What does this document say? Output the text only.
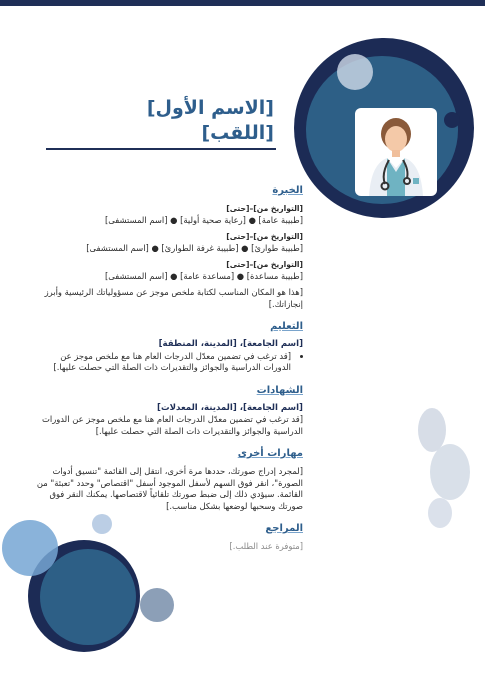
[الاسم الأول]
[اللقب]
الخبرة
[التواريخ من]–[حتى]
[طبيبة عامة] ● [رعاية صحية أولية] ● [اسم المستشفى]
[التواريخ من]–[حتى]
[طبيبة طوارئ] ● [طبيبة غرفة الطوارئ] ● [اسم المستشفى]
[التواريخ من]–[حتى]
[طبيبة مساعدة] ● [مساعدة عامة] ● [اسم المستشفى]
[هذا هو المكان المناسب لكتابة ملخص موجز عن مسؤولياتك الرئيسية وأبرز إنجازاتك.]
التعليم
[اسم الجامعة]، [المدينة، المنطقة]
• [قد ترغب في تضمين معدّل الدرجات العام هنا مع ملخص موجز عن الدورات الدراسية والجوائز والتقديرات ذات الصلة التي حصلت عليها.]
الشهادات
[اسم الجامعة]، [المدينة، المعدلات]
[قد ترغب في تضمين معدّل الدرجات العام هنا مع ملخص موجز عن الدورات الدراسية والجوائز والتقديرات ذات الصلة التي حصلت عليها.]
مهارات أخرى
[لمجرد إدراج صورتك، حددها مرة أخرى، انتقل إلى القائمة "تنسيق أدوات الصورة"، انقر فوق السهم لأسفل الموجود أسفل "اقتصاص" وحدد "تعبئة" من القائمة. سيؤدي ذلك إلى ضبط صورتك تلقائياً لاقتصاصها. يمكنك النقر فوق صورتك وسحبها لوضعها بشكل مناسب.]
المراجع
[متوفرة عند الطلب.]
